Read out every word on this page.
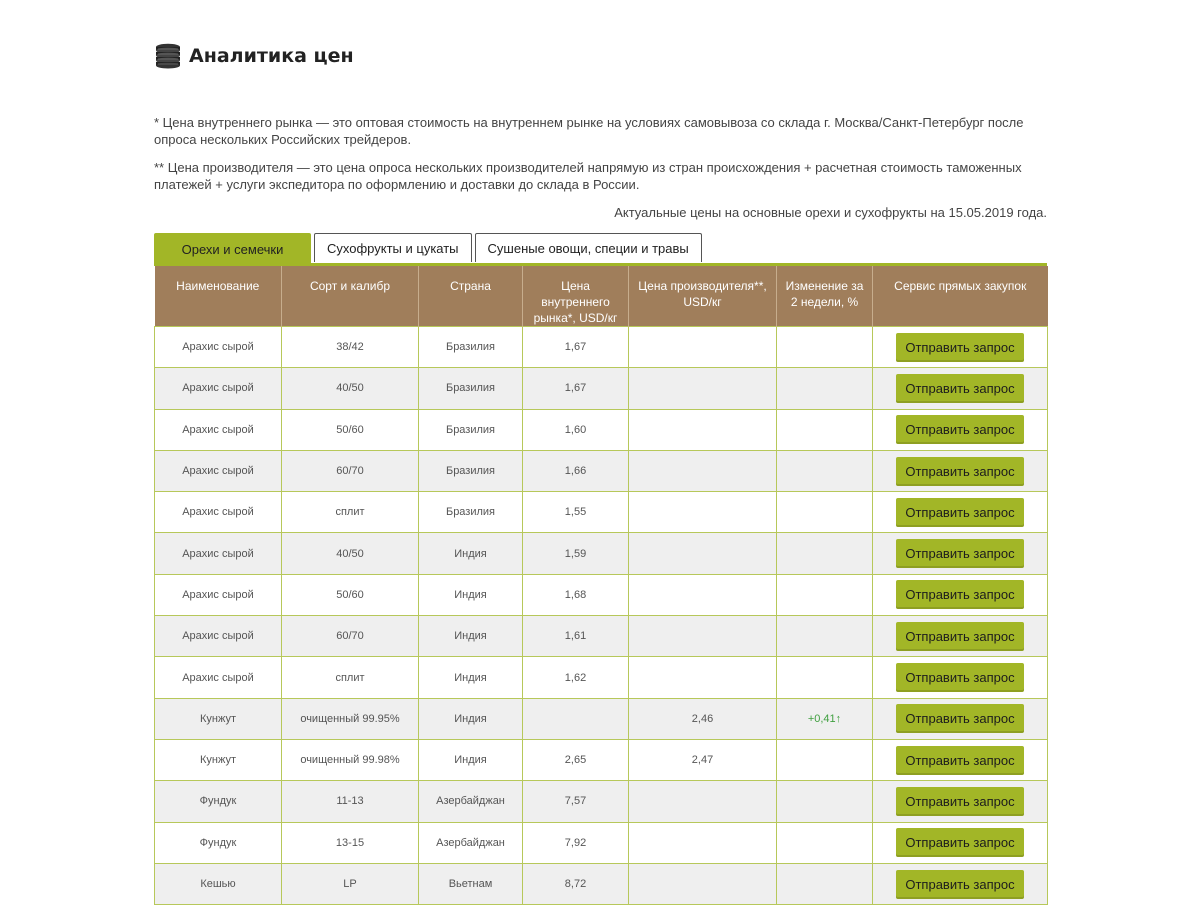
Аналитика цен

* Цена внутреннего рынка — это оптовая стоимость на внутреннем рынке на условиях самовывоза со склада г. Москва/Санкт-Петербург после опроса нескольких Российских трейдеров.

** Цена производителя — это цена опроса нескольких производителей напрямую из стран происхождения + расчетная стоимость таможенных платежей + услуги экспедитора по оформлению и доставки до склада в России.

Актуальные цены на основные орехи и сухофрукты на 15.05.2019 года.
Орехи и семечки	Сухофрукты и цукаты	Сушеные овощи, специи и травы
Наименование	Сорт и калибр	Страна	Цена внутреннего рынка*, USD/кг	Цена производителя**, USD/кг	Изменение за 2 недели, %	Сервис прямых закупок
Арахис сырой	38/42	Бразилия	1,67			Отправить запрос
Арахис сырой	40/50	Бразилия	1,67			Отправить запрос
Арахис сырой	50/60	Бразилия	1,60			Отправить запрос
Арахис сырой	60/70	Бразилия	1,66			Отправить запрос
Арахис сырой	сплит	Бразилия	1,55			Отправить запрос
Арахис сырой	40/50	Индия	1,59			Отправить запрос
Арахис сырой	50/60	Индия	1,68			Отправить запрос
Арахис сырой	60/70	Индия	1,61			Отправить запрос
Арахис сырой	сплит	Индия	1,62			Отправить запрос
Кунжут	очищенный 99.95%	Индия		2,46	+0,41↑	Отправить запрос
Кунжут	очищенный 99.98%	Индия	2,65	2,47		Отправить запрос
Фундук	11-13	Азербайджан	7,57			Отправить запрос
Фундук	13-15	Азербайджан	7,92			Отправить запрос
Кешью	LP	Вьетнам	8,72			Отправить запрос
